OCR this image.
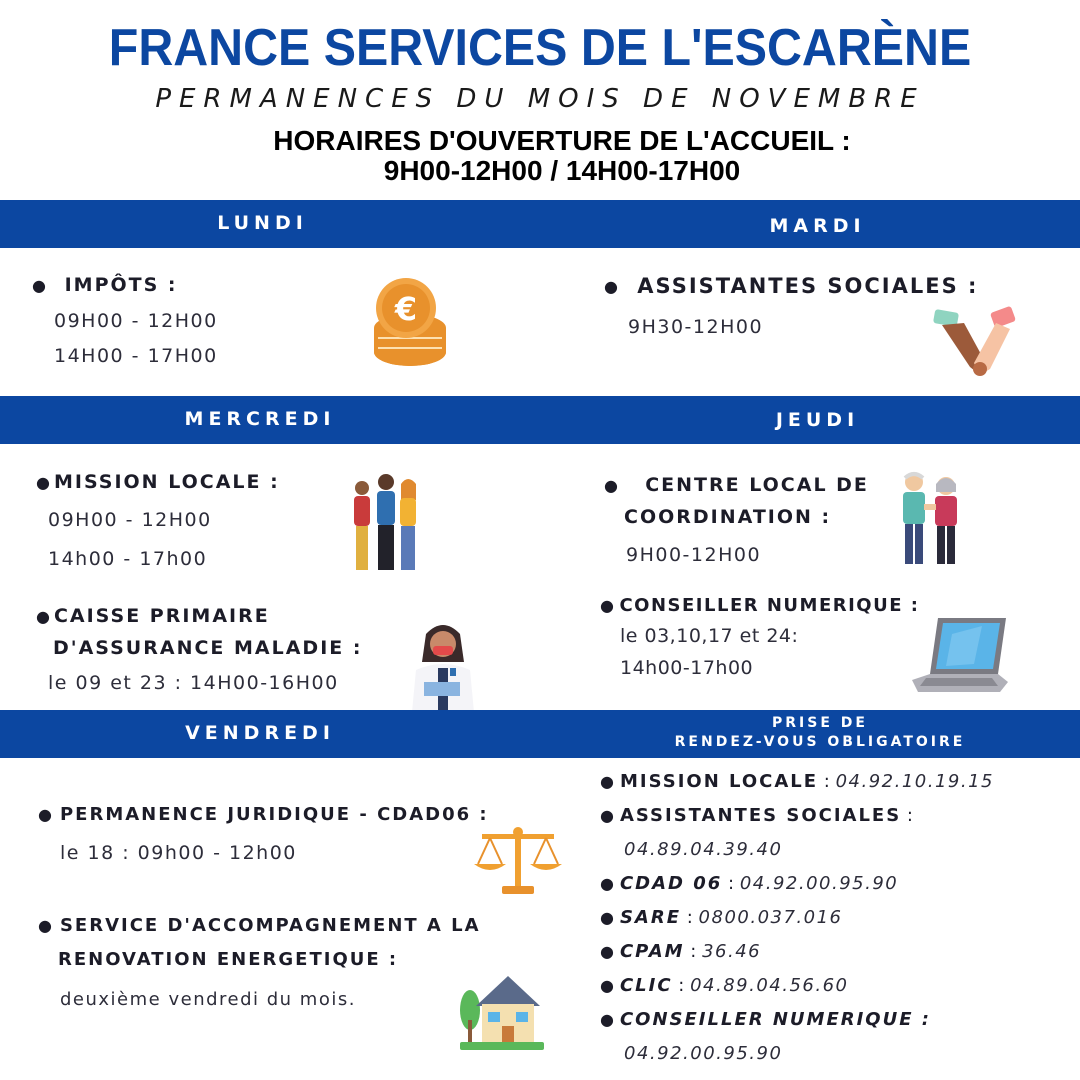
FRANCE SERVICES DE L'ESCARÈNE
PERMANENCES DU MOIS DE NOVEMBRE
HORAIRES D'OUVERTURE DE L'ACCUEIL :
9H00-12H00 / 14H00-17H00
LUNDI	MARDI
● IMPÔTS :
09H00 - 12H00
14H00 - 17H00
€
● ASSISTANTES SOCIALES :
9H30-12H00
MERCREDI	JEUDI
● MISSION LOCALE :
09H00 - 12H00
14h00 - 17h00
● CAISSE PRIMAIRE
D'ASSURANCE MALADIE :
le 09 et 23 : 14H00-16H00
● CENTRE LOCAL DE
COORDINATION :
9H00-12H00
● CONSEILLER NUMERIQUE :
le 03,10,17 et 24:
14h00-17h00
VENDREDI	PRISE DE
RENDEZ-VOUS OBLIGATOIRE
● PERMANENCE JURIDIQUE - CDAD06 :
le 18 : 09h00 - 12h00
● SERVICE D'ACCOMPAGNEMENT A LA
RENOVATION ENERGETIQUE :
deuxième vendredi du mois.
● MISSION LOCALE : 04.92.10.19.15
● ASSISTANTES SOCIALES :
04.89.04.39.40
● CDAD 06 : 04.92.00.95.90
● SARE : 0800.037.016
● CPAM : 36.46
● CLIC : 04.89.04.56.60
● CONSEILLER NUMERIQUE :
04.92.00.95.90
